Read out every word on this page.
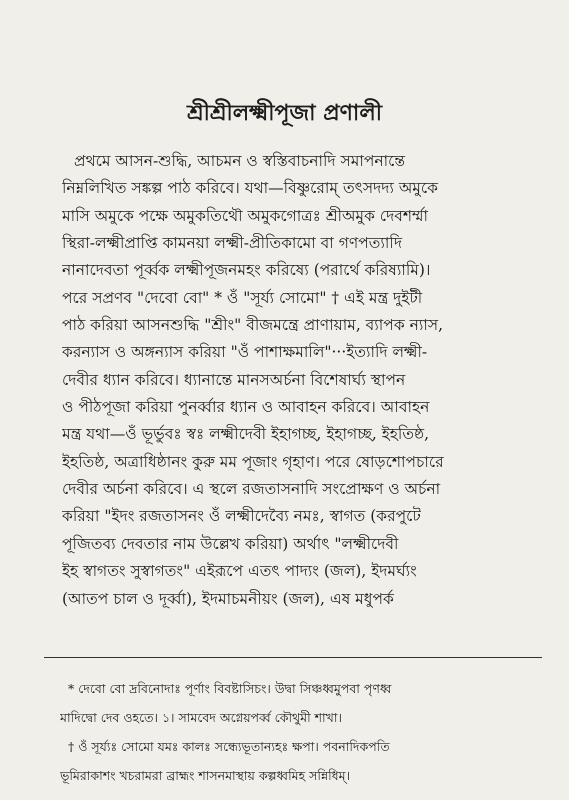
শ্রীশ্রীলক্ষ্মীপূজা প্রণালী
প্রথমে আসন-শুদ্ধি, আচমন ও স্বস্তিবাচনাদি সমাপনান্তে
নিম্নলিখিত সঙ্কল্প পাঠ করিবে। যথা—বিষ্ণুরোম্ তৎসদদ্য অমুকে
মাসি অমুকে পক্ষে অমুকতিথৌ অমুকগোত্রঃ শ্রীঅমুক দেবশর্ম্মা
স্থিরা-লক্ষ্মীপ্রাপ্তি কামনয়া লক্ষ্মী-প্রীতিকামো বা গণপত্যাদি
নানাদেবতা পূর্ব্বক লক্ষ্মীপূজনমহং করিষ্যে (পরার্থে করিষ্যামি)।
পরে সপ্রণব "দেবো বো" * ওঁ "সূর্য্য সোমো" † এই মন্ত্র দুইটী
পাঠ করিয়া আসনশুদ্ধি "শ্রীং" বীজমন্ত্রে প্রাণায়াম, ব্যাপক ন্যাস,
করন্যাস ও অঙ্গন্যাস করিয়া "ওঁ পাশাক্ষমালি"···ইত্যাদি লক্ষ্মী-
দেবীর ধ্যান করিবে। ধ্যানান্তে মানসঅর্চনা বিশেষার্ঘ্য স্থাপন
ও পীঠপূজা করিয়া পুনর্ব্বার ধ্যান ও আবাহন করিবে। আবাহন
মন্ত্র যথা—ওঁ ভূর্ভুবঃ স্বঃ লক্ষ্মীদেবী ইহাগচ্ছ, ইহাগচ্ছ, ইহতিষ্ঠ,
ইহতিষ্ঠ, অত্রাধিষ্ঠানং কুরু মম পূজাং গৃহাণ। পরে ষোড়শোপচারে
দেবীর অর্চনা করিবে। এ স্থলে রজতাসনাদি সংপ্রোক্ষণ ও অর্চনা
করিয়া "ইদং রজতাসনং ওঁ লক্ষ্মীদেব্যৈ নমঃ, স্বাগত (করপুটে
পূজিতব্য দেবতার নাম উল্লেখ করিয়া) অর্থাৎ "লক্ষ্মীদেবী
ইহ স্বাগতং সুস্বাগতং" এইরূপে এতৎ পাদ্যং (জল), ইদমর্ঘ্যং
(আতপ চাল ও দূর্ব্বা), ইদমাচমনীয়ং (জল), এষ মধুপর্ক
* দেবো বো দ্রবিনোদাঃ পূর্ণাং বিবষ্টাসিচং। উদ্বা সিঞ্চধ্বমুপবা পৃণধ্ব
মাদিদ্বো দেব ওহতে। ১। সামবেদ অগ্নেয়পর্ব্ব কৌথুমী শাখা।
† ওঁ সূর্য্যঃ সোমো যমঃ কালঃ সন্ধ্যেভূতান্যহঃ ক্ষপা। পবনাদিকপতি
ভূমিরাকাশং খচরামরা ব্রাহ্মং শাসনমাস্থায় কল্পধ্বমিহ সন্নিধিম্।
